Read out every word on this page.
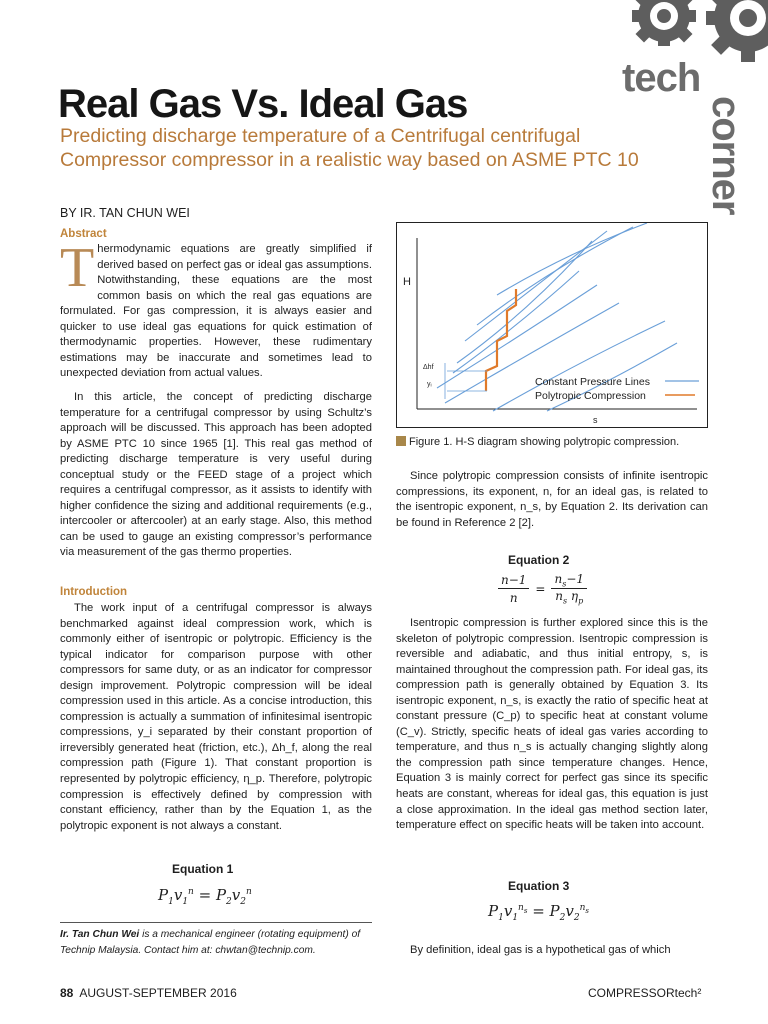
tech
corner
Real Gas Vs. Ideal Gas
Predicting discharge temperature of a Centrifugal centrifugal Compressor compressor in a realistic way based on ASME PTC 10
BY IR. TAN CHUN WEI
Abstract
Thermodynamic equations are greatly simplified if derived based on perfect gas or ideal gas assumptions. Notwithstanding, these equations are the most common basis on which the real gas equations are formulated. For gas compression, it is always easier and quicker to use ideal gas equations for quick estimation of thermodynamic properties. However, these rudimentary estimations may be inaccurate and sometimes lead to unexpected deviation from actual values.
In this article, the concept of predicting discharge temperature for a centrifugal compressor by using Schultz’s approach will be discussed. This approach has been adopted by ASME PTC 10 since 1965 [1]. This real gas method of predicting discharge temperature is very useful during conceptual study or the FEED stage of a project which requires a centrifugal compressor, as it assists to identify with higher confidence the sizing and additional requirements (e.g., intercooler or aftercooler) at an early stage. Also, this method can be used to gauge an existing compressor’s performance via measurement of the gas thermo properties.
Introduction
The work input of a centrifugal compressor is always benchmarked against ideal compression work, which is commonly either of isentropic or polytropic. Efficiency is the typical indicator for comparison purpose with other compressors for same duty, or as an indicator for compressor design improvement. Polytropic compression will be ideal compression used in this article. As a concise introduction, this compression is actually a summation of infinitesimal isentropic compressions, y_i separated by their constant proportion of irreversibly generated heat (friction, etc.), Δh_f, along the real compression path (Figure 1). That constant proportion is represented by polytropic efficiency, η_p. Therefore, polytropic compression is effectively defined by compression with constant efficiency, rather than by the Equation 1, as the polytropic exponent is not always a constant.
Equation 1
$P_1v_1^n = P_2v_2^n$
Ir. Tan Chun Wei is a mechanical engineer (rotating equipment) of Technip Malaysia. Contact him at: chwtan@technip.com.
H
s
Δhf
yᵢ	Constant Pressure Lines
Polytropic Compression
Figure 1. H-S diagram showing polytropic compression.
Since polytropic compression consists of infinite isentropic compressions, its exponent, n, for an ideal gas, is related to the isentropic exponent, n_s, by Equation 2. Its derivation can be found in Reference 2 [2].
Equation 2
n−1	=	$n_s-1$
n		$n_s$ $\eta_p$
Isentropic compression is further explored since this is the skeleton of polytropic compression. Isentropic compression is reversible and adiabatic, and thus initial entropy, s, is maintained throughout the compression path. For ideal gas, its compression path is generally obtained by Equation 3. Its isentropic exponent, n_s, is exactly the ratio of specific heat at constant pressure (C_p) to specific heat at constant volume (C_v). Strictly, specific heats of ideal gas varies according to temperature, and thus n_s is actually changing slightly along the compression path since temperature changes. Hence, Equation 3 is mainly correct for perfect gas since its specific heats are constant, whereas for ideal gas, this equation is just a close approximation. In the ideal gas method section later, temperature effect on specific heats will be taken into account.
Equation 3
$P_1v_1^{n_s} = P_2v_2^{n_s}$
By definition, ideal gas is a hypothetical gas of which
88 AUGUST-SEPTEMBER 2016	COMPRESSORtech²
